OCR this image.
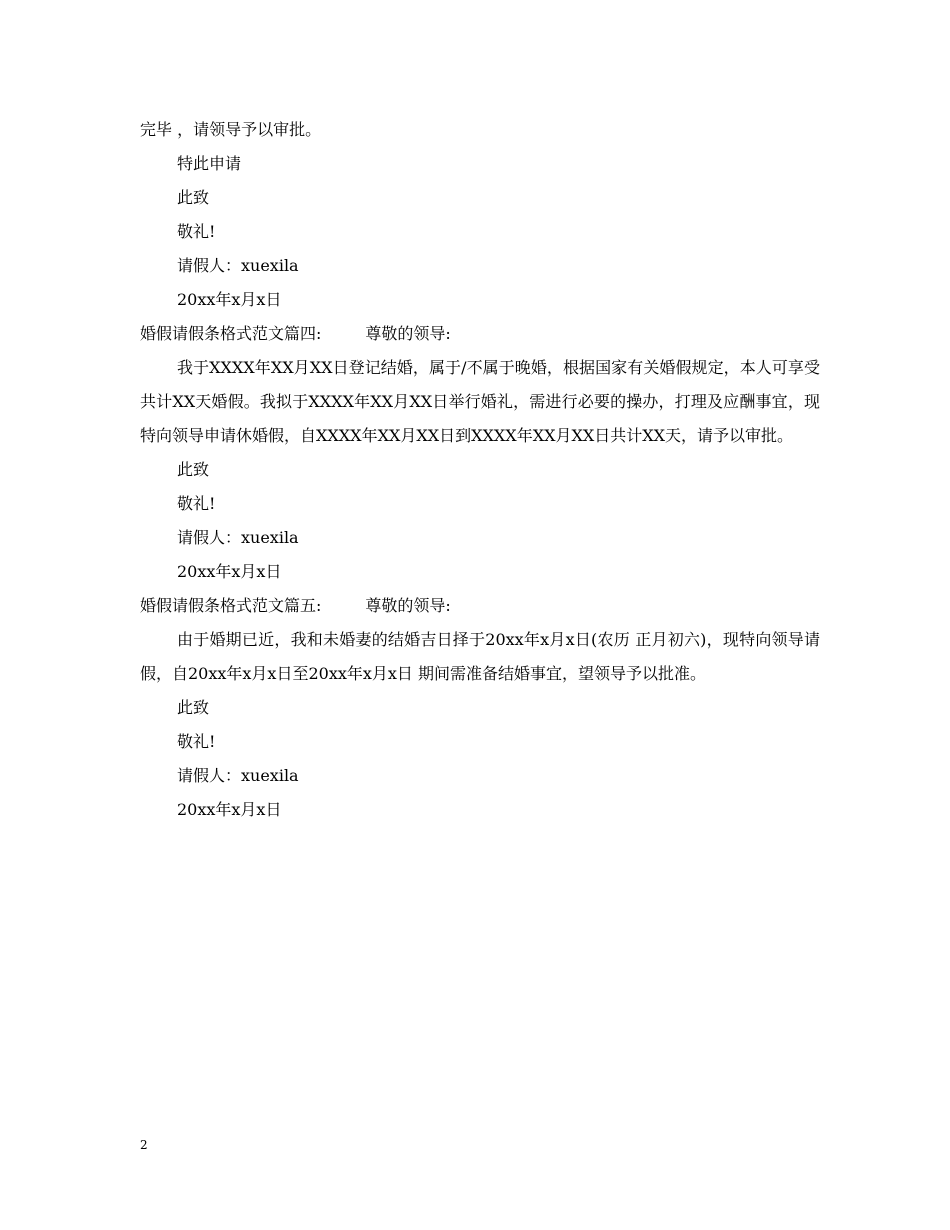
完毕 ，请领导予以审批。
特此申请
此致
敬礼!
请假人：xuexila
20xx年x月x日
婚假请假条格式范文篇四:	尊敬的领导:
我于XXXX年XX月XX日登记结婚，属于/不属于晚婚，根据国家有关婚假规定，本人可享受共计XX天婚假。我拟于XXXX年XX月XX日举行婚礼，需进行必要的操办，打理及应酬事宜，现特向领导申请休婚假，自XXXX年XX月XX日到XXXX年XX月XX日共计XX天，请予以审批。
此致
敬礼!
请假人：xuexila
20xx年x月x日
婚假请假条格式范文篇五:	尊敬的领导:
由于婚期已近，我和未婚妻的结婚吉日择于20xx年x月x日(农历 正月初六)，现特向领导请假，自20xx年x月x日至20xx年x月x日 期间需准备结婚事宜，望领导予以批准。
此致
敬礼!
请假人：xuexila
20xx年x月x日
2
